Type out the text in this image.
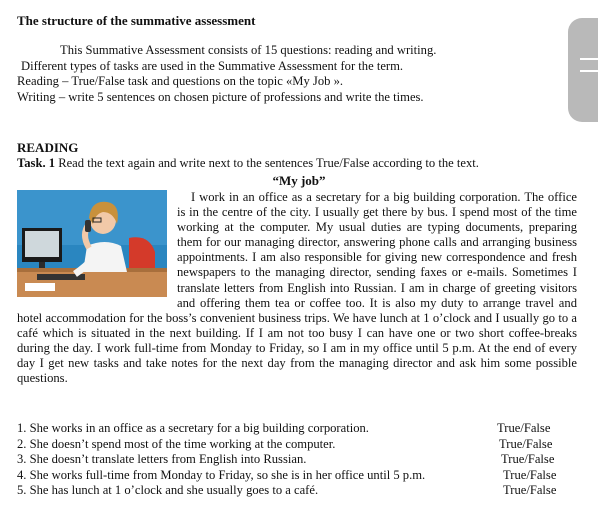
The structure of the summative assessment
This Summative Assessment consists of 15 questions: reading and writing.
Different types of tasks are used in the Summative Assessment for the term.
Reading – True/False task and questions on the topic «My Job ».
Writing – write 5 sentences on chosen picture of professions and write the times.
READING
Task. 1 Read the text again and write next to the sentences True/False according to the text.
“My job”
I work in an office as a secretary for a big building corporation. The office is in the centre of the city. I usually get there by bus. I spend most of the time working at the computer. My usual duties are typing documents, preparing them for our managing director, answering phone calls and arranging business appointments. I am also responsible for giving new correspondence and fresh newspapers to the managing director, sending faxes or e-mails. Sometimes I translate letters from English into Russian. I am in charge of greeting visitors and offering them tea or coffee too. It is also my duty to arrange travel and hotel accommodation for the boss’s convenient business trips. We have lunch at 1 o’clock and I usually go to a café which is situated in the next building. If I am not too busy I can have one or two short coffee-breaks during the day. I work full-time from Monday to Friday, so I am in my office until 5 p.m. At the end of every day I get new tasks and take notes for the next day from the managing director and ask him some possible questions.
1. She works in an office as a secretary for a big building corporation.	True/False
2. She doesn’t spend most of the time working at the computer.	True/False
3. She doesn’t translate letters from English into Russian.	True/False
4. She works full-time from Monday to Friday, so she is in her office until 5 p.m.	True/False
5. She has lunch at 1 o’clock and she usually goes to a café.	True/False
